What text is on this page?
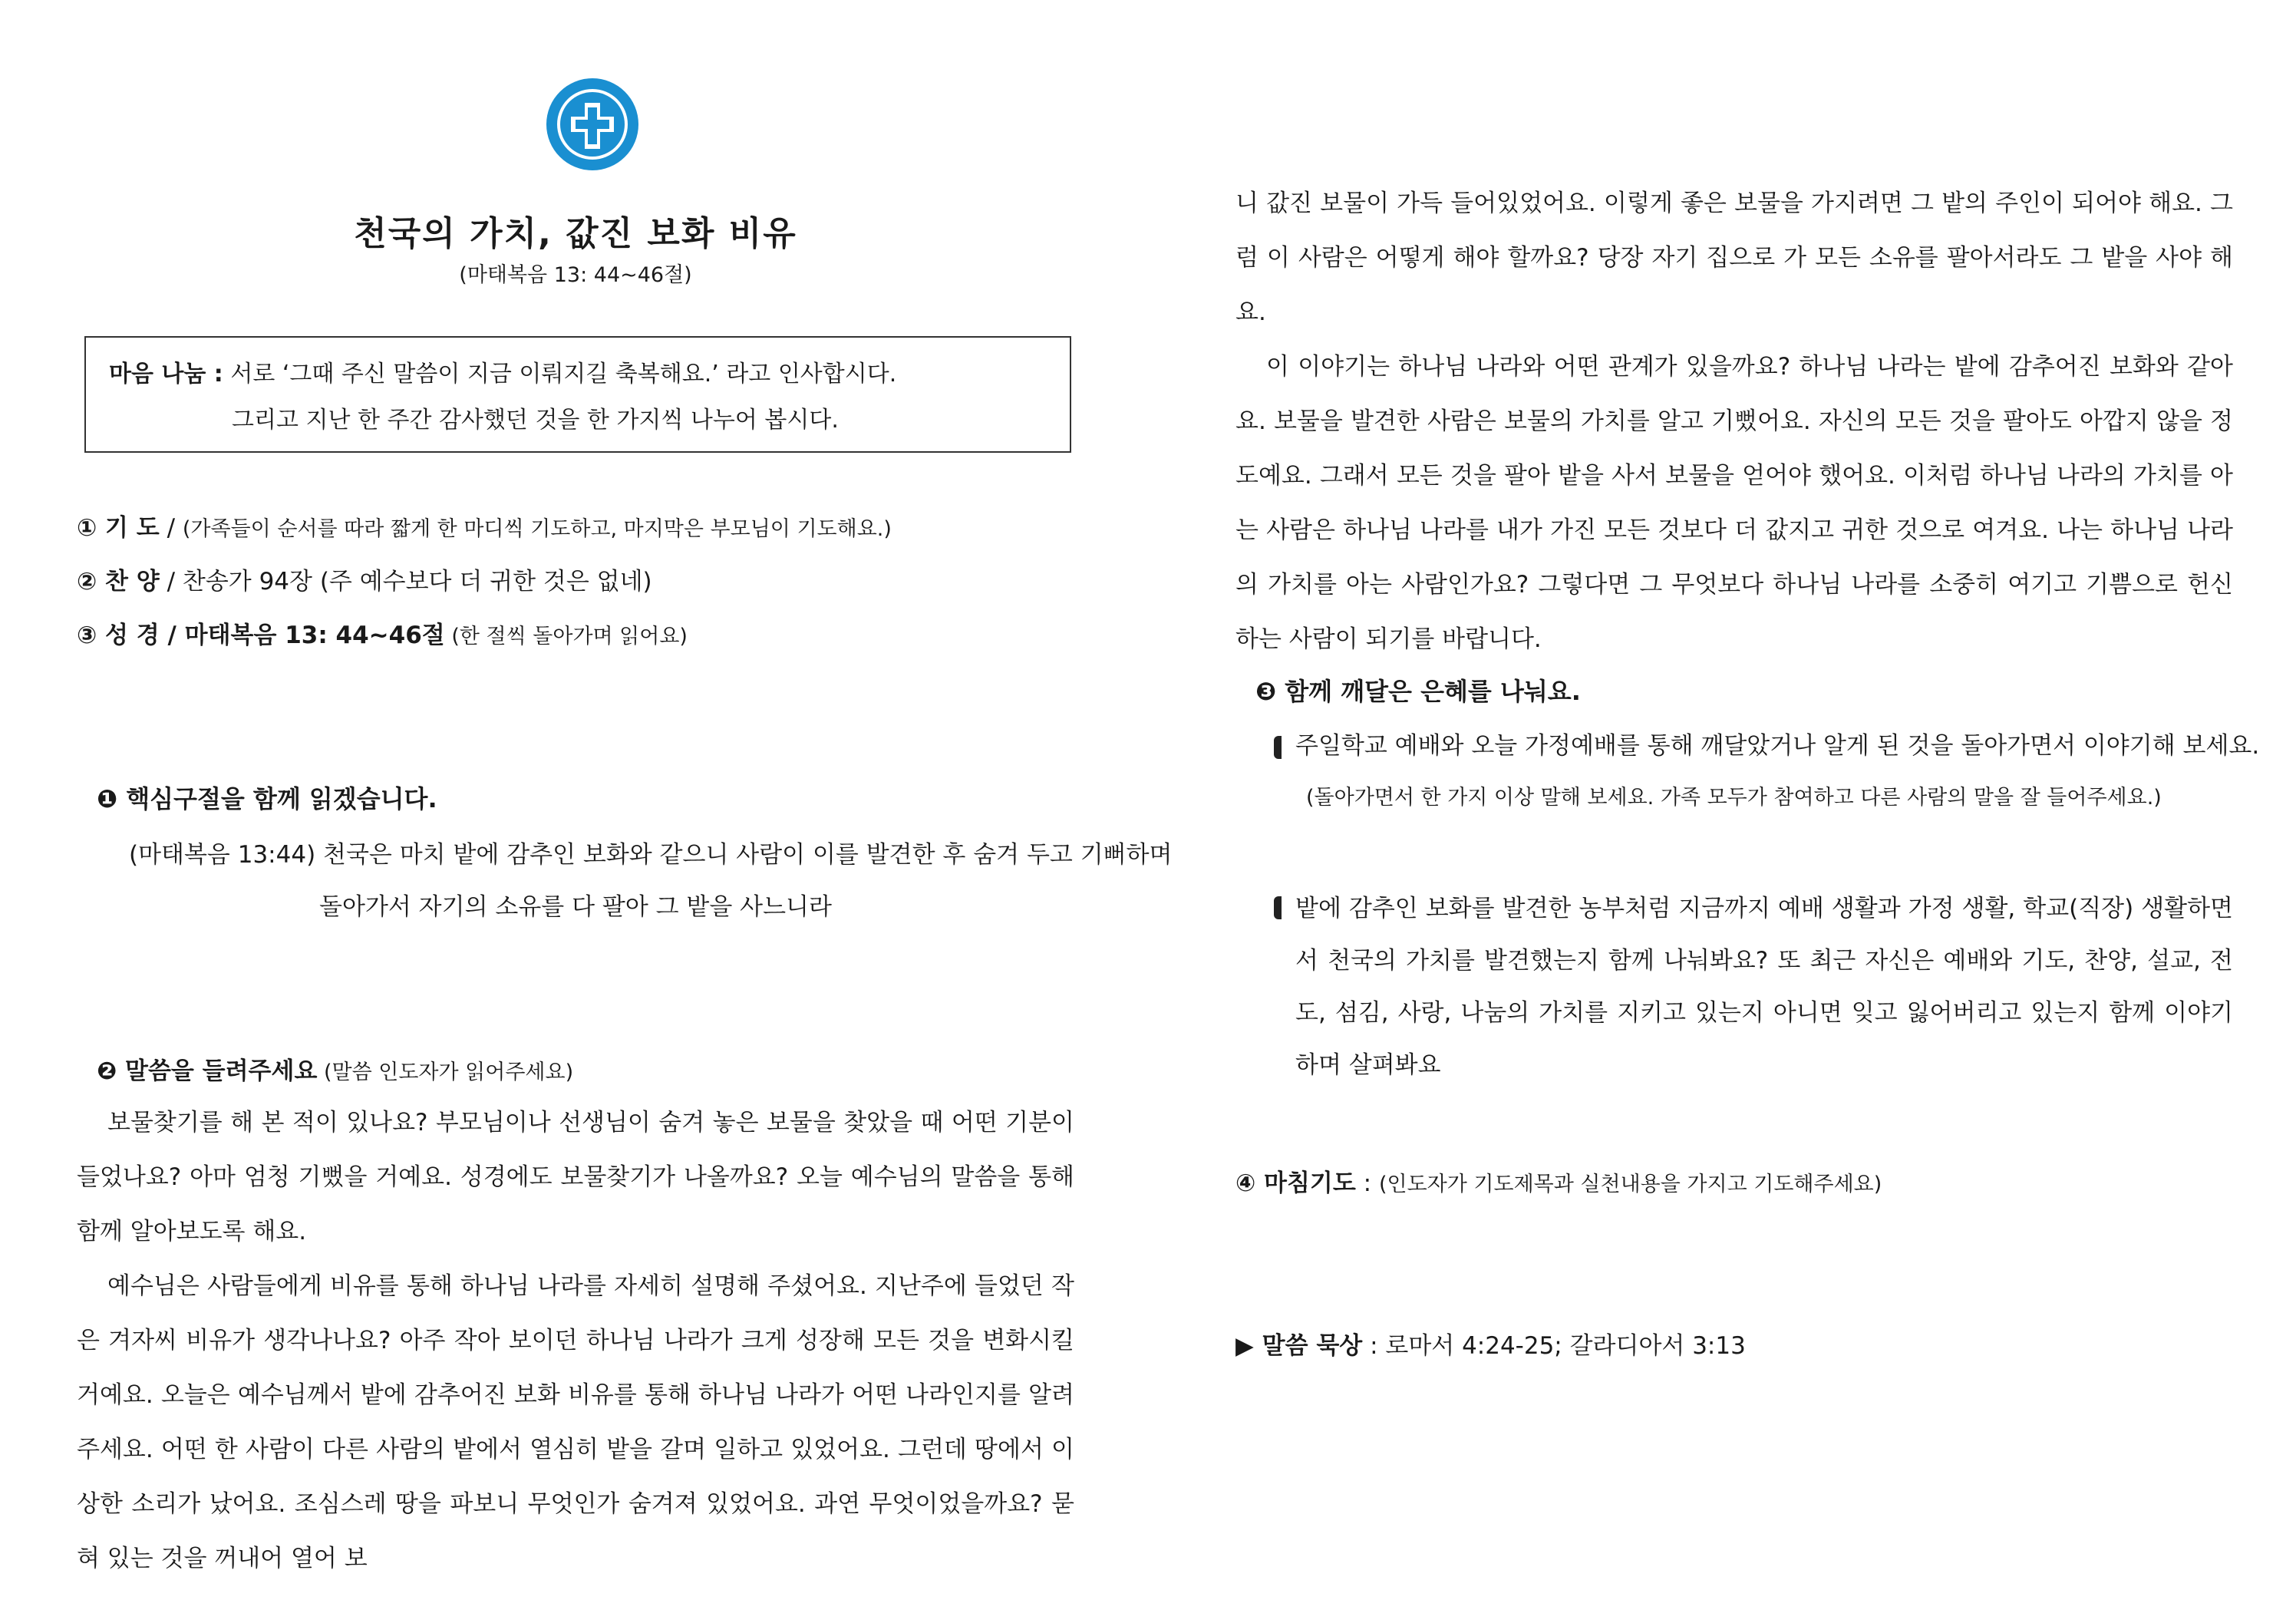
천국의 가치, 값진 보화 비유
(마태복음 13: 44~46절)
마음 나눔 : 서로 ‘그때 주신 말씀이 지금 이뤄지길 축복해요.’ 라고 인사합시다.
그리고 지난 한 주간 감사했던 것을 한 가지씩 나누어 봅시다.
① 기 도 / (가족들이 순서를 따라 짧게 한 마디씩 기도하고, 마지막은 부모님이 기도해요.)
② 찬 양 / 찬송가 94장 (주 예수보다 더 귀한 것은 없네)
③ 성 경 / 마태복음 13: 44~46절 (한 절씩 돌아가며 읽어요)
❶ 핵심구절을 함께 읽겠습니다.
(마태복음 13:44) 천국은 마치 밭에 감추인 보화와 같으니 사람이 이를 발견한 후 숨겨 두고 기뻐하며
돌아가서 자기의 소유를 다 팔아 그 밭을 사느니라
❷ 말씀을 들려주세요 (말씀 인도자가 읽어주세요)

보물찾기를 해 본 적이 있나요? 부모님이나 선생님이 숨겨 놓은 보물을 찾았을 때 어떤 기분이 들었나요? 아마 엄청 기뻤을 거예요. 성경에도 보물찾기가 나올까요? 오늘 예수님의 말씀을 통해 함께 알아보도록 해요.

예수님은 사람들에게 비유를 통해 하나님 나라를 자세히 설명해 주셨어요. 지난주에 들었던 작은 겨자씨 비유가 생각나나요? 아주 작아 보이던 하나님 나라가 크게 성장해 모든 것을 변화시킬 거예요. 오늘은 예수님께서 밭에 감추어진 보화 비유를 통해 하나님 나라가 어떤 나라인지를 알려 주세요. 어떤 한 사람이 다른 사람의 밭에서 열심히 밭을 갈며 일하고 있었어요. 그런데 땅에서 이상한 소리가 났어요. 조심스레 땅을 파보니 무엇인가 숨겨져 있었어요. 과연 무엇이었을까요? 묻혀 있는 것을 꺼내어 열어 보

니 값진 보물이 가득 들어있었어요. 이렇게 좋은 보물을 가지려면 그 밭의 주인이 되어야 해요. 그럼 이 사람은 어떻게 해야 할까요? 당장 자기 집으로 가 모든 소유를 팔아서라도 그 밭을 사야 해요.

이 이야기는 하나님 나라와 어떤 관계가 있을까요? 하나님 나라는 밭에 감추어진 보화와 같아요. 보물을 발견한 사람은 보물의 가치를 알고 기뻤어요. 자신의 모든 것을 팔아도 아깝지 않을 정도예요. 그래서 모든 것을 팔아 밭을 사서 보물을 얻어야 했어요. 이처럼 하나님 나라의 가치를 아는 사람은 하나님 나라를 내가 가진 모든 것보다 더 값지고 귀한 것으로 여겨요. 나는 하나님 나라의 가치를 아는 사람인가요? 그렇다면 그 무엇보다 하나님 나라를 소중히 여기고 기쁨으로 헌신하는 사람이 되기를 바랍니다.

❸ 함께 깨달은 은혜를 나눠요.
주일학교 예배와 오늘 가정예배를 통해 깨달았거나 알게 된 것을 돌아가면서 이야기해 보세요.
(돌아가면서 한 가지 이상 말해 보세요. 가족 모두가 참여하고 다른 사람의 말을 잘 들어주세요.)
밭에 감추인 보화를 발견한 농부처럼 지금까지 예배 생활과 가정 생활, 학교(직장) 생활하면서 천국의 가치를 발견했는지 함께 나눠봐요? 또 최근 자신은 예배와 기도, 찬양, 설교, 전도, 섬김, 사랑, 나눔의 가치를 지키고 있는지 아니면 잊고 잃어버리고 있는지 함께 이야기하며 살펴봐요
④ 마침기도 : (인도자가 기도제목과 실천내용을 가지고 기도해주세요)
▶ 말씀 묵상 : 로마서 4:24-25; 갈라디아서 3:13
